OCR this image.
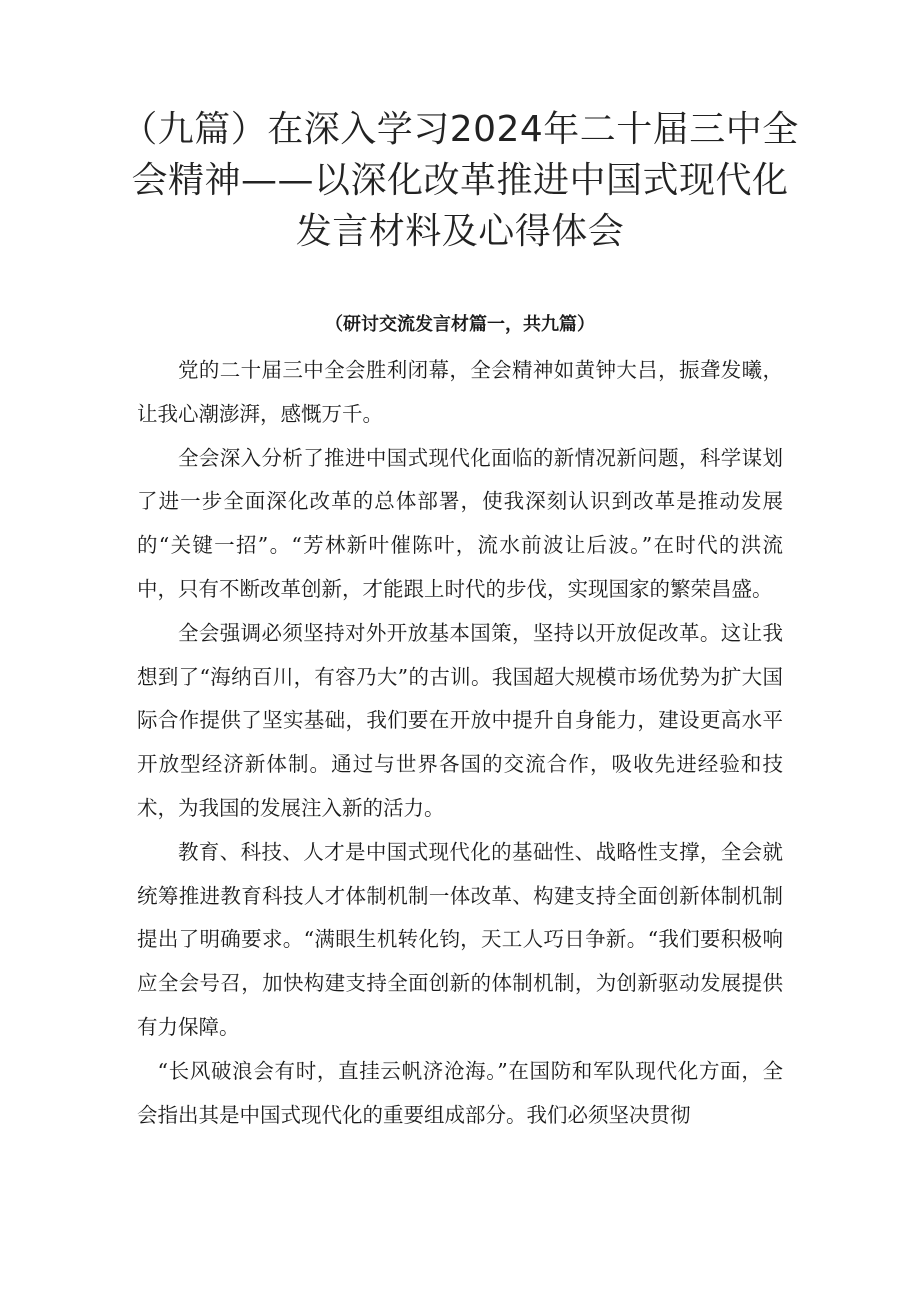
（九篇）在深入学习2024年二十届三中全
会精神——以深化改革推进中国式现代化
发言材料及心得体会
（研讨交流发言材篇一，共九篇）

党的二十届三中全会胜利闭幕，全会精神如黄钟大吕，振聋发曦，让我心潮澎湃，感慨万千。

全会深入分析了推进中国式现代化面临的新情况新问题，科学谋划了进一步全面深化改革的总体部署，使我深刻认识到改革是推动发展的“关键一招”。“芳林新叶催陈叶，流水前波让后波。”在时代的洪流中，只有不断改革创新，才能跟上时代的步伐，实现国家的繁荣昌盛。

全会强调必须坚持对外开放基本国策，坚持以开放促改革。这让我想到了“海纳百川，有容乃大”的古训。我国超大规模市场优势为扩大国际合作提供了坚实基础，我们要在开放中提升自身能力，建设更高水平开放型经济新体制。通过与世界各国的交流合作，吸收先进经验和技术，为我国的发展注入新的活力。

教育、科技、人才是中国式现代化的基础性、战略性支撑，全会就统筹推进教育科技人才体制机制一体改革、构建支持全面创新体制机制提出了明确要求。“满眼生机转化钧，天工人巧日争新。“我们要积极响应全会号召，加快构建支持全面创新的体制机制，为创新驱动发展提供有力保障。

“长风破浪会有时，直挂云帆济沧海。”在国防和军队现代化方面，全会指出其是中国式现代化的重要组成部分。我们必须坚决贯彻
